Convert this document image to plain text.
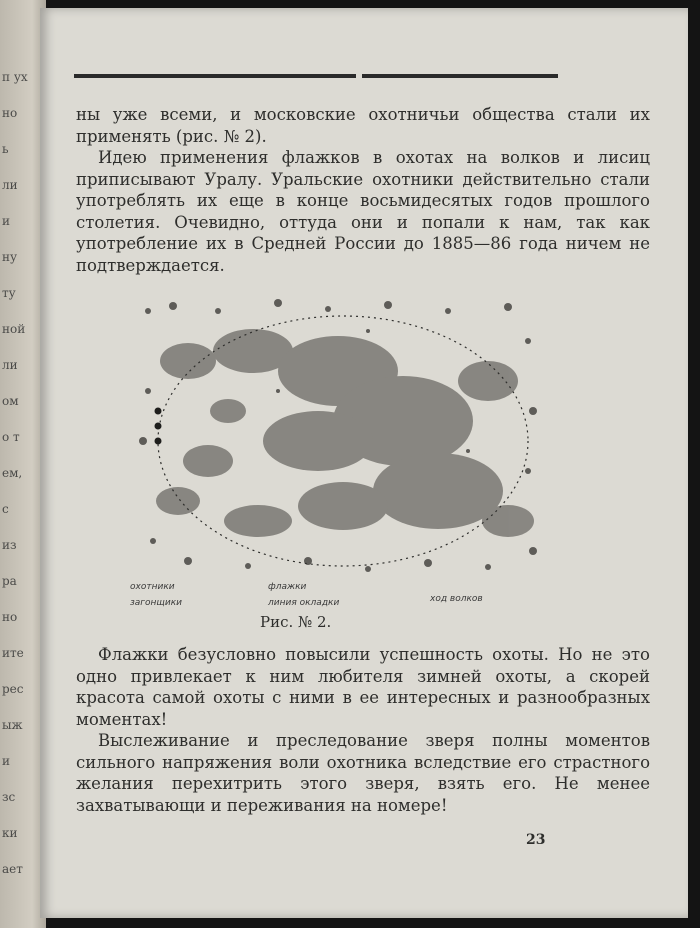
п ух
но
ь
ли
и
ну
ту
ной
ли
ом
о т
ем,
с
из
ра
но
ите
рес
ыж
и
зс
ки
ает

ны уже всеми, и московские охотничьи общества стали их применять (рис. № 2).

Идею применения флажков в охотах на волков и лисиц приписывают Уралу. Уральские охотники действительно стали употреблять их еще в конце восьмидесятых годов прошлого столетия. Очевидно, оттуда они и попали к нам, так как употребление их в Средней России до 1885—86 года ничем не подтверждается.

охотники
загонщики
флажки
линия окладки	ход волков
Рис. № 2.

Флажки безусловно повысили успешность охоты. Но не это одно привлекает к ним любителя зимней охоты, а скорей красота самой охоты с ними в ее интересных и разнообразных моментах!

Выслеживание и преследование зверя полны моментов сильного напряжения воли охотника вследствие его страстного желания перехитрить этого зверя, взять его. Не менее захватывающи и переживания на номере!

23
